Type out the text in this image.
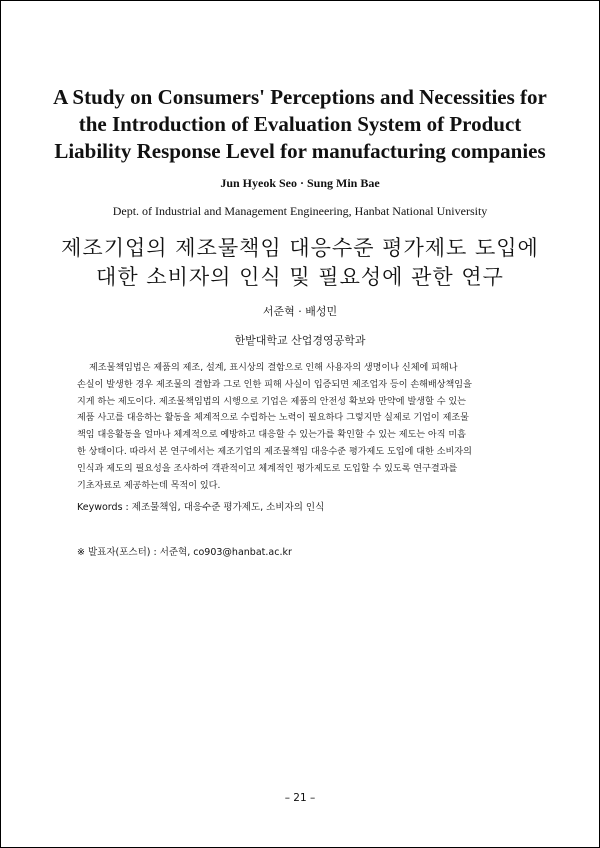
A Study on Consumers' Perceptions and Necessities for
the Introduction of Evaluation System of Product
Liability Response Level for manufacturing companies
Jun Hyeok Seo · Sung Min Bae
Dept. of Industrial and Management Engineering, Hanbat National University
제조기업의 제조물책임 대응수준 평가제도 도입에
대한 소비자의 인식 및 필요성에 관한 연구
서준혁 · 배성민
한밭대학교 산업경영공학과
제조물책임법은 제품의 제조, 설계, 표시상의 결함으로 인해 사용자의 생명이나 신체에 피해나
손실이 발생한 경우 제조물의 결함과 그로 인한 피해 사실이 입증되면 제조업자 등이 손해배상책임을
지게 하는 제도이다. 제조물책임법의 시행으로 기업은 제품의 안전성 확보와 만약에 발생할 수 있는
제품 사고를 대응하는 활동을 체계적으로 수립하는 노력이 필요하다 그렇지만 실제로 기업이 제조물
책임 대응활동을 얼마나 체계적으로 예방하고 대응할 수 있는가를 확인할 수 있는 제도는 아직 미흡
한 상태이다. 따라서 본 연구에서는 제조기업의 제조물책임 대응수준 평가제도 도입에 대한 소비자의
인식과 제도의 필요성을 조사하여 객관적이고 체계적인 평가제도로 도입할 수 있도록 연구결과를
기초자료로 제공하는데 목적이 있다.
Keywords : 제조물책임, 대응수준 평가제도, 소비자의 인식
※ 발표자(포스터) : 서준혁, co903@hanbat.ac.kr
– 21 –
